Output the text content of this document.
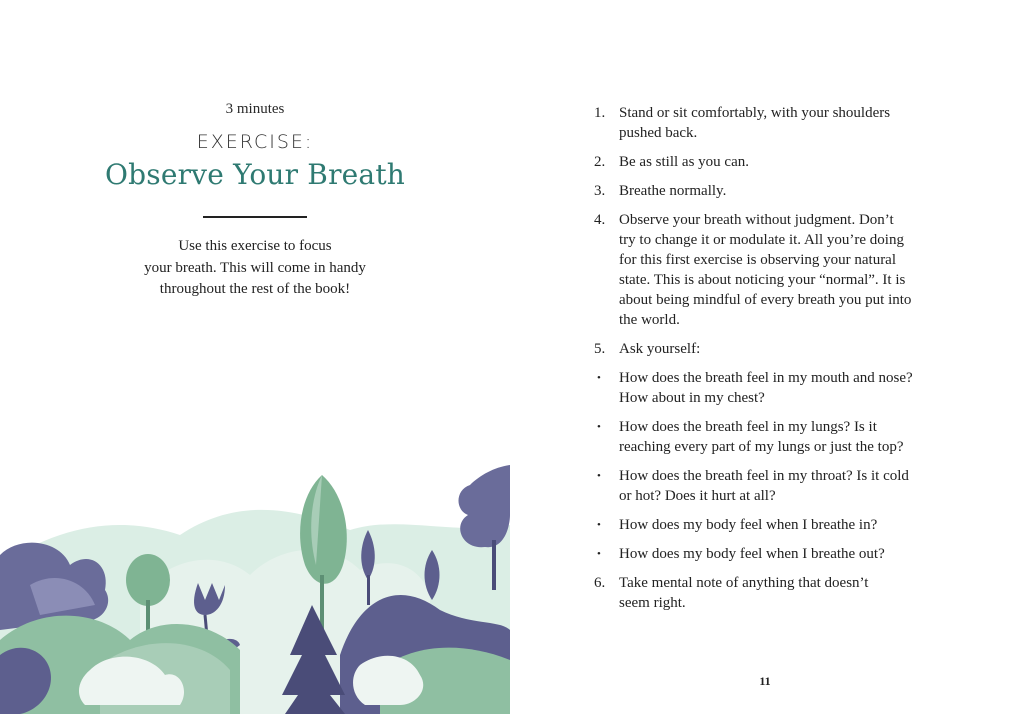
3 minutes
EXERCISE:
Observe Your Breath
Use this exercise to focus
your breath. This will come in handy
throughout the rest of the book!
1. Stand or sit comfortably, with your shoulders
pushed back.
2. Be as still as you can.
3. Breathe normally.
4. Observe your breath without judgment. Don’t
try to change it or modulate it. All you’re doing
for this first exercise is observing your natural
state. This is about noticing your “normal”. It is
about being mindful of every breath you put into
the world.
5. Ask yourself:
• How does the breath feel in my mouth and nose?
How about in my chest?
• How does the breath feel in my lungs? Is it
reaching every part of my lungs or just the top?
• How does the breath feel in my throat? Is it cold
or hot? Does it hurt at all?
• How does my body feel when I breathe in?
• How does my body feel when I breathe out?
6. Take mental note of anything that doesn’t
seem right.
11
